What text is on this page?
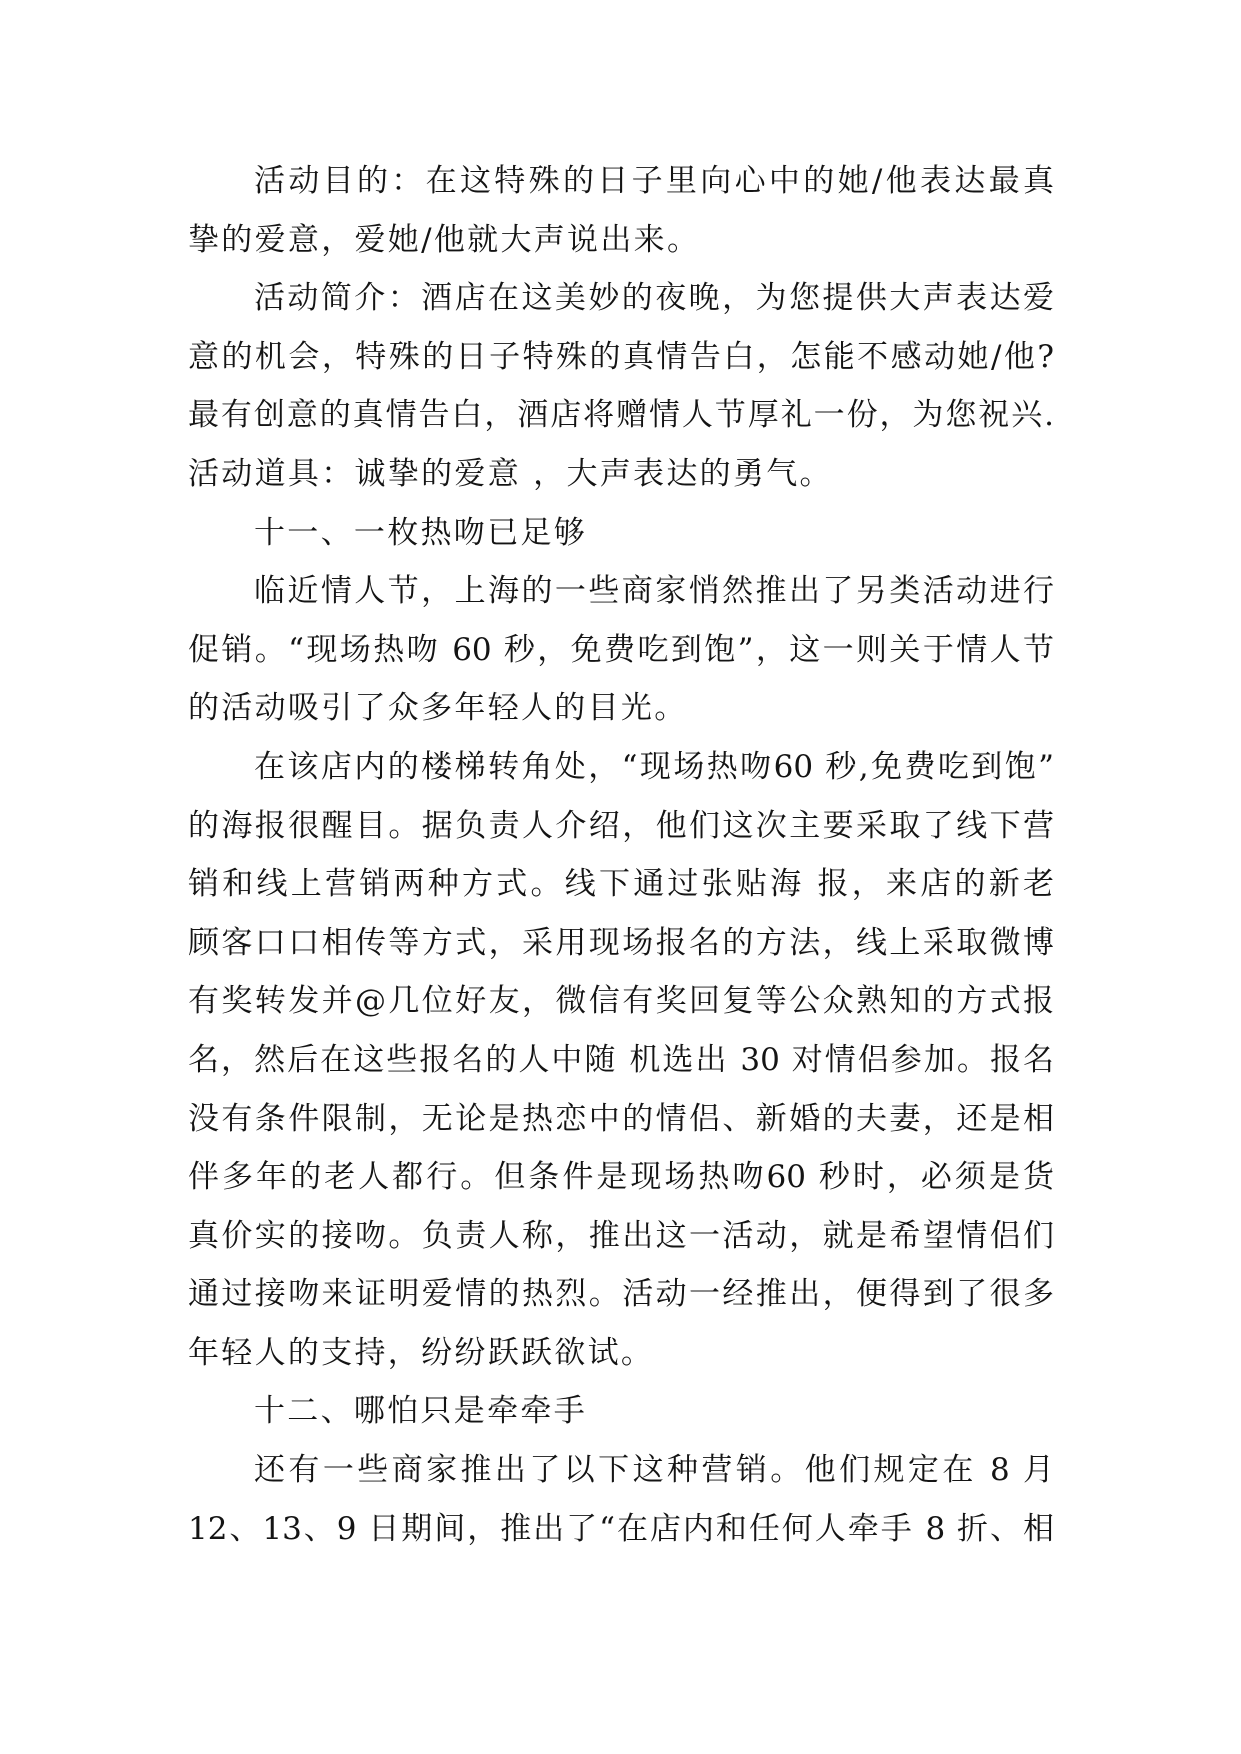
活动目的：在这特殊的日子里向心中的她/他表达最真
挚的爱意，爱她/他就大声说出来。
活动简介：酒店在这美妙的夜晚，为您提供大声表达爱
意的机会，特殊的日子特殊的真情告白，怎能不感动她/他?
最有创意的真情告白，酒店将赠情人节厚礼一份，为您祝兴.
活动道具：诚挚的爱意 ，大声表达的勇气。
十一、一枚热吻已足够
临近情人节，上海的一些商家悄然推出了另类活动进行
促销。“现场热吻 60 秒，免费吃到饱”，这一则关于情人节
的活动吸引了众多年轻人的目光。
在该店内的楼梯转角处，“现场热吻60 秒,免费吃到饱”
的海报很醒目。据负责人介绍，他们这次主要采取了线下营
销和线上营销两种方式。线下通过张贴海 报，来店的新老
顾客口口相传等方式，采用现场报名的方法，线上采取微博
有奖转发并@几位好友，微信有奖回复等公众熟知的方式报
名，然后在这些报名的人中随 机选出 30 对情侣参加。报名
没有条件限制，无论是热恋中的情侣、新婚的夫妻，还是相
伴多年的老人都行。但条件是现场热吻60 秒时，必须是货
真价实的接吻。负责人称，推出这一活动，就是希望情侣们
通过接吻来证明爱情的热烈。活动一经推出，便得到了很多
年轻人的支持，纷纷跃跃欲试。
十二、哪怕只是牵牵手
还有一些商家推出了以下这种营销。他们规定在 8 月
12、13、9 日期间，推出了“在店内和任何人牵手 8 折、相
